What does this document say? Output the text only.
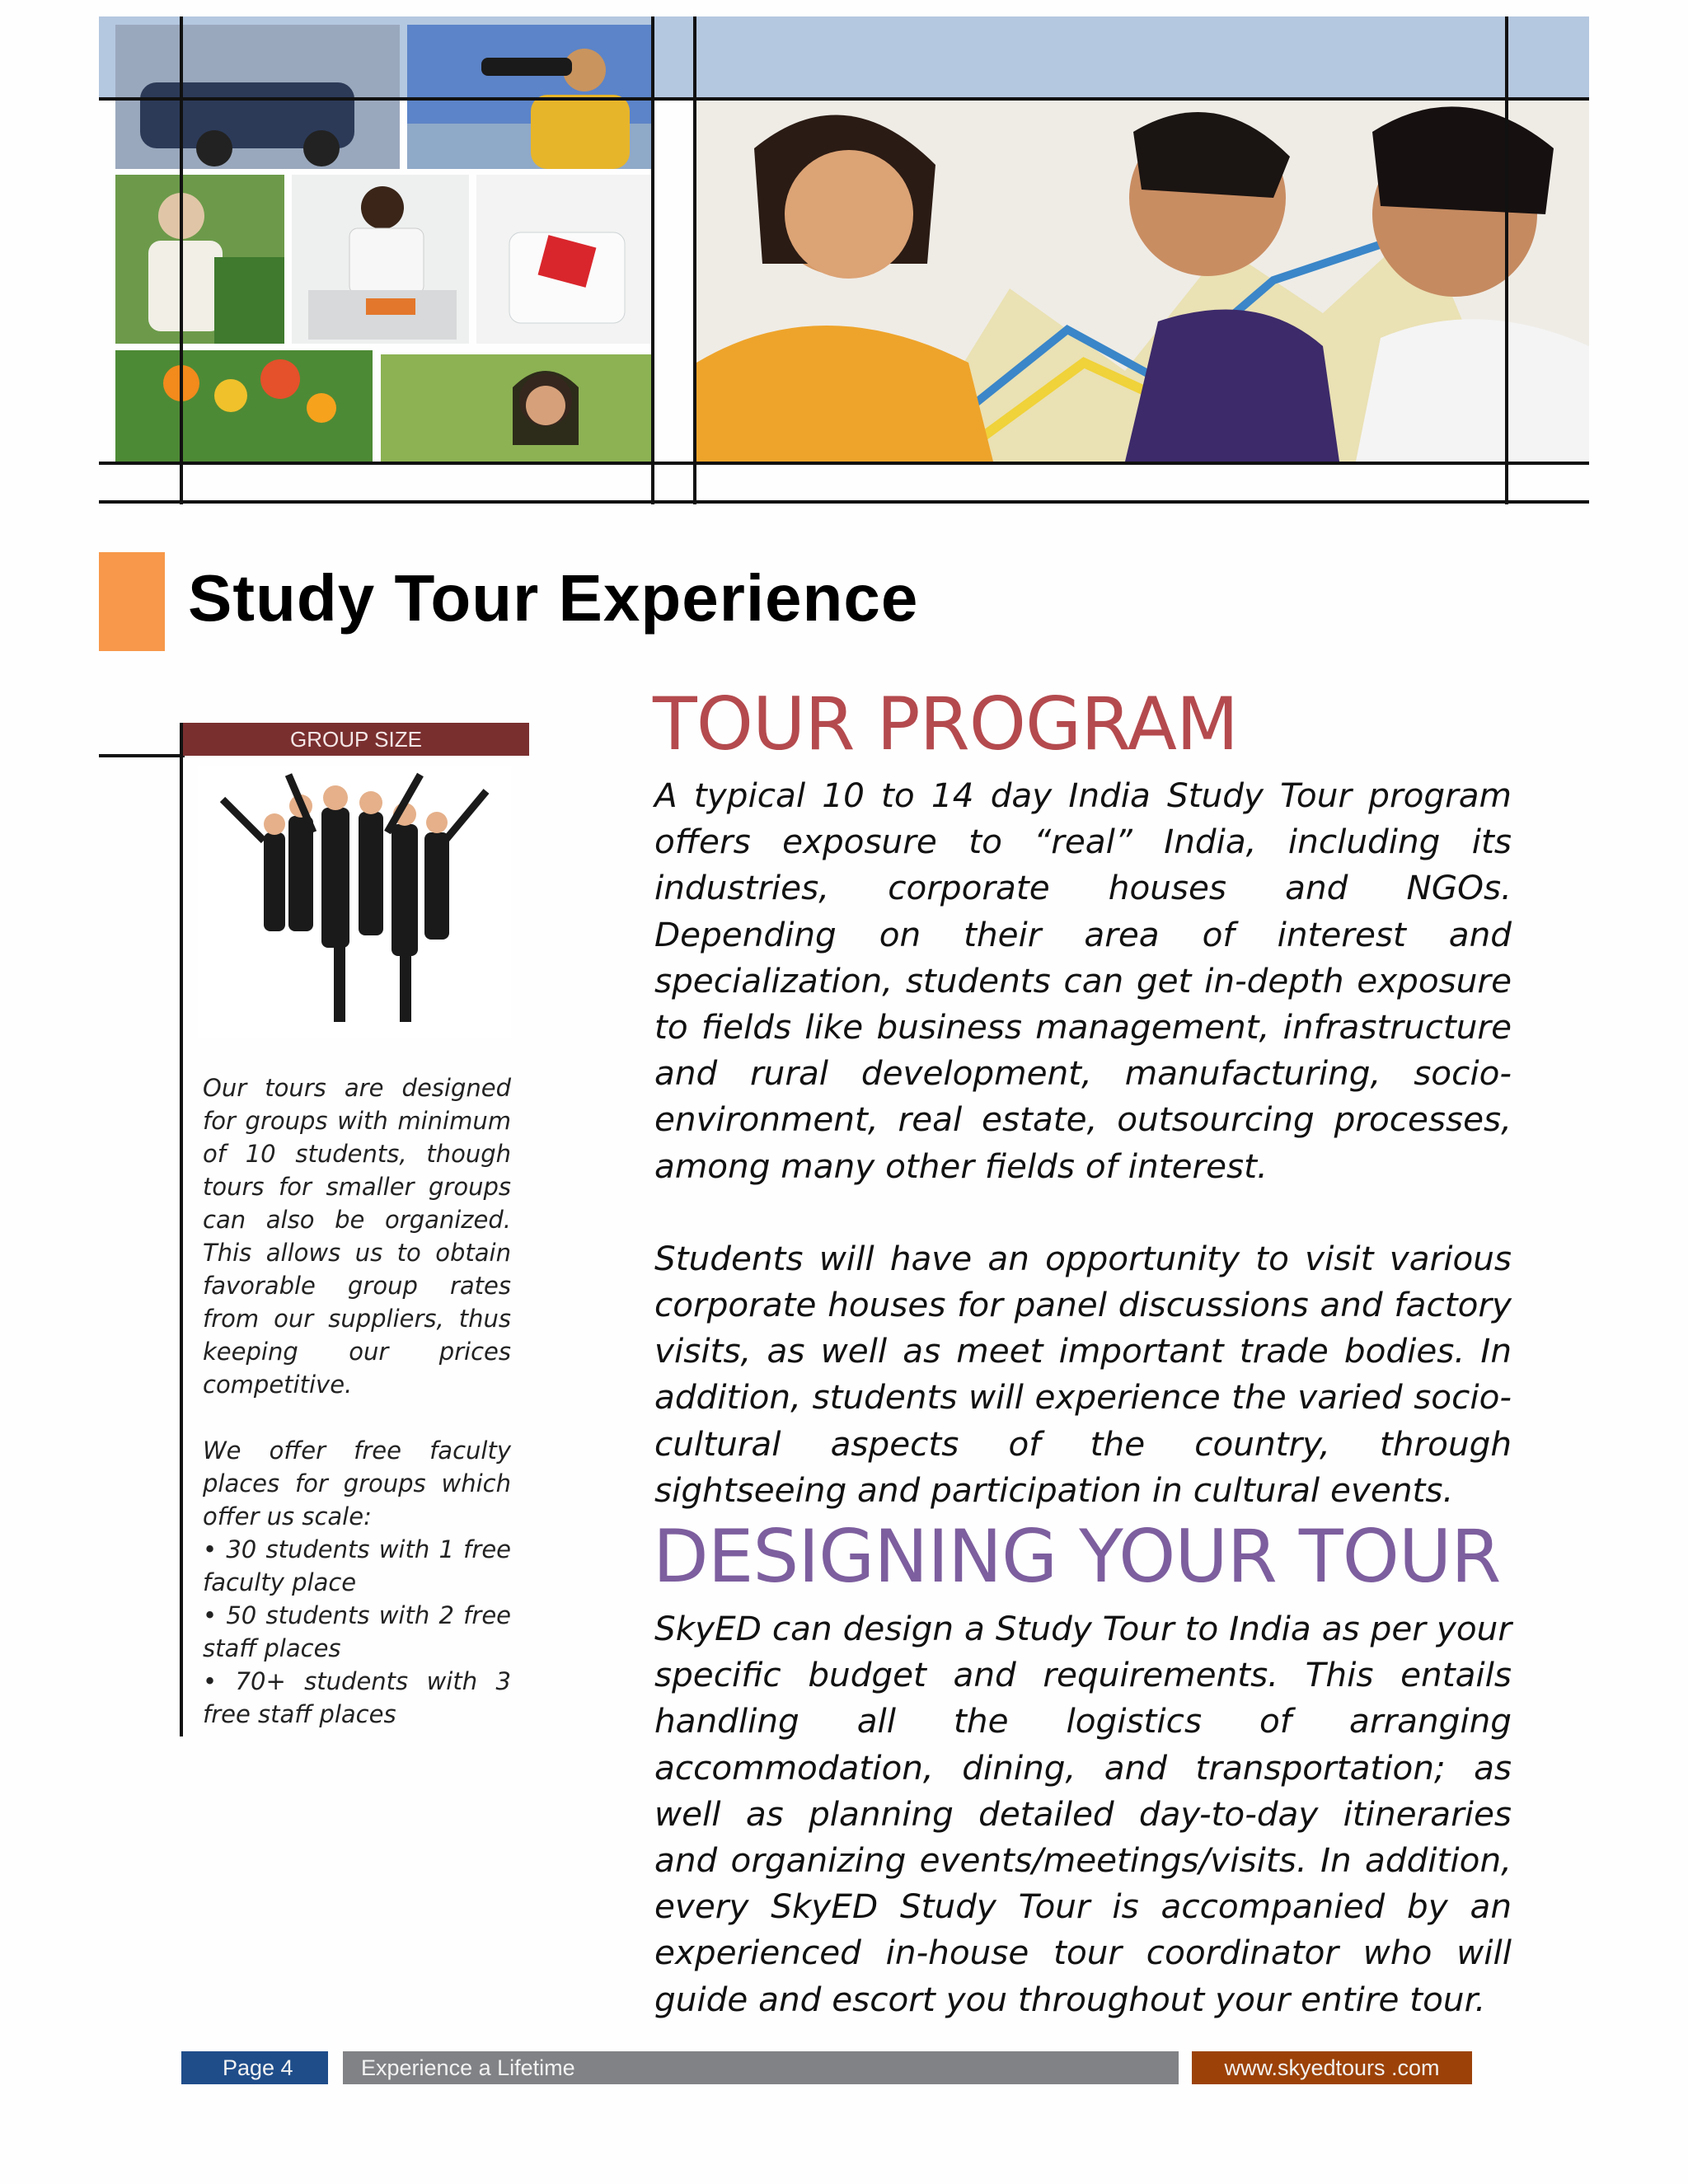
Study Tour Experience
GROUP SIZE

Our tours are designed for groups with minimum of 10 students, though tours for smaller groups can also be organized. This allows us to obtain favorable group rates from our suppliers, thus keeping our prices competitive.

We offer free faculty places for groups which offer us scale:

• 30 students with 1 free faculty place
• 50 students with 2 free staff places
• 70+ students with 3 free staff places
TOUR PROGRAM

A typical 10 to 14 day India Study Tour program offers exposure to “real” India, including its industries, corporate houses and NGOs. Depending on their area of interest and specialization, students can get in-depth exposure to fields like business management, infrastructure and rural development, manufacturing, socio-environment, real estate, outsourcing processes, among many other fields of interest.

Students will have an opportunity to visit various corporate houses for panel discussions and factory visits, as well as meet important trade bodies. In addition, students will experience the varied socio-cultural aspects of the country, through sightseeing and participation in cultural events.

DESIGNING YOUR TOUR

SkyED can design a Study Tour to India as per your specific budget and requirements. This entails handling all the logistics of arranging accommodation, dining, and transportation; as well as planning detailed day-to-day itineraries and organizing events/meetings/visits. In addition, every SkyED Study Tour is accompanied by an experienced in-house tour coordinator who will guide and escort you throughout your entire tour.

Page 4	Experience a Lifetime	www.skyedtours .com
